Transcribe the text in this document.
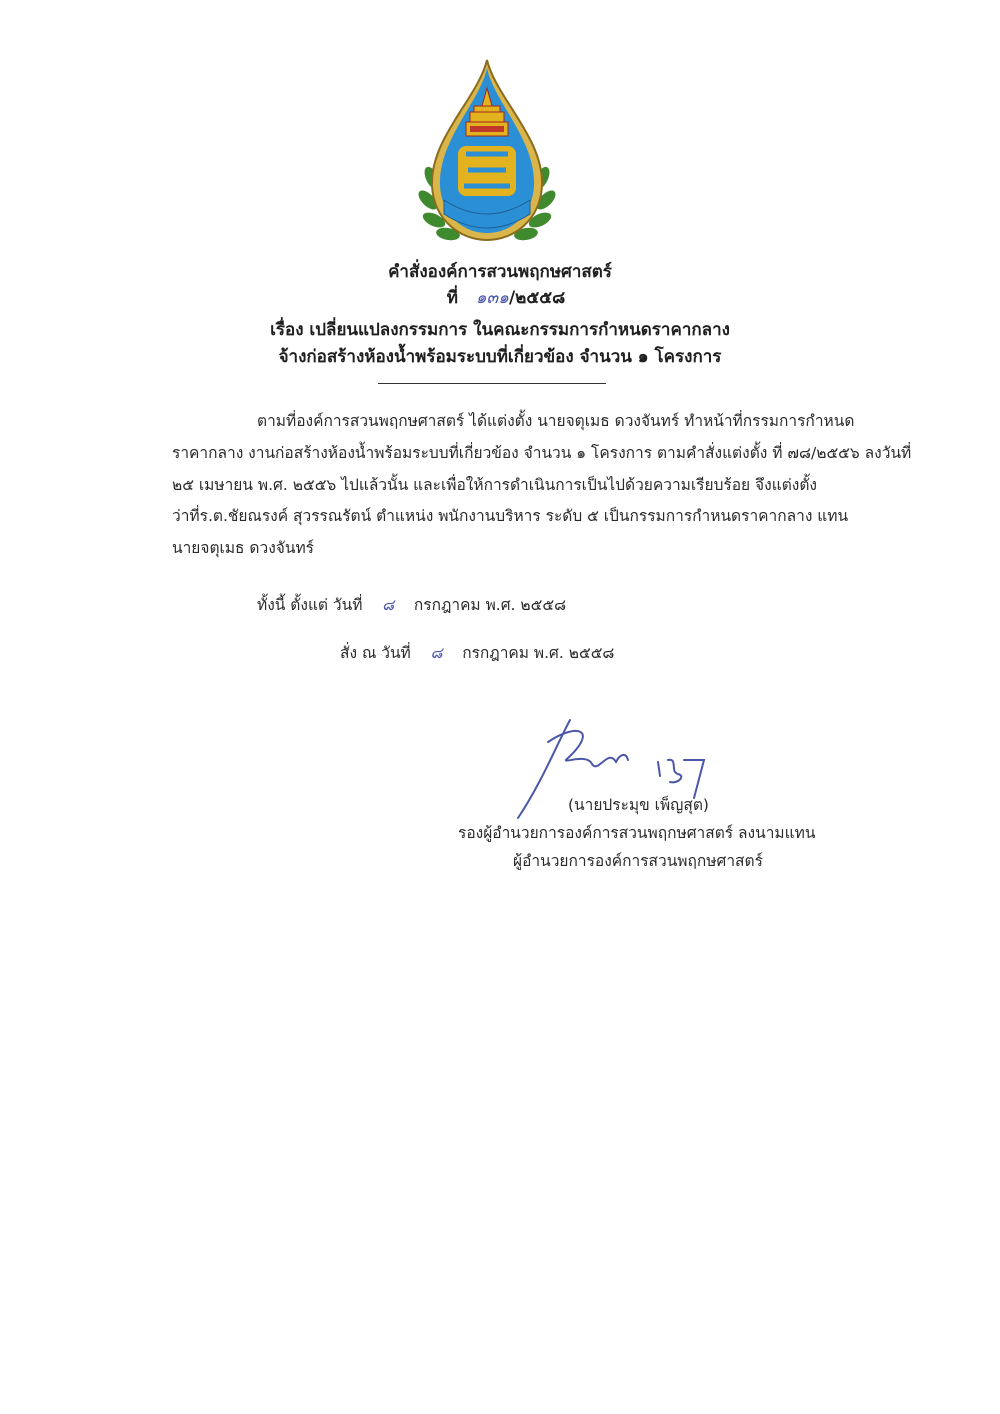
คำสั่งองค์การสวนพฤกษศาสตร์
ที่ ๑๓๑/๒๕๕๘
เรื่อง เปลี่ยนแปลงกรรมการ ในคณะกรรมการกำหนดราคากลาง
จ้างก่อสร้างห้องน้ำพร้อมระบบที่เกี่ยวข้อง จำนวน ๑ โครงการ
ตามที่องค์การสวนพฤกษศาสตร์ ได้แต่งตั้ง นายจตุเมธ ดวงจันทร์ ทำหน้าที่กรรมการกำหนด
ราคากลาง งานก่อสร้างห้องน้ำพร้อมระบบที่เกี่ยวข้อง จำนวน ๑ โครงการ ตามคำสั่งแต่งตั้ง ที่ ๗๘/๒๕๕๖ ลงวันที่
๒๕ เมษายน พ.ศ. ๒๕๕๖ ไปแล้วนั้น และเพื่อให้การดำเนินการเป็นไปด้วยความเรียบร้อย จึงแต่งตั้ง
ว่าที่ร.ต.ชัยณรงค์ สุวรรณรัตน์ ตำแหน่ง พนักงานบริหาร ระดับ ๕ เป็นกรรมการกำหนดราคากลาง แทน
นายจตุเมธ ดวงจันทร์
ทั้งนี้ ตั้งแต่ วันที่ ๘ กรกฎาคม พ.ศ. ๒๕๕๘
สั่ง ณ วันที่ ๘ กรกฎาคม พ.ศ. ๒๕๕๘
(นายประมุข เพ็ญสุต)
รองผู้อำนวยการองค์การสวนพฤกษศาสตร์ ลงนามแทน
ผู้อำนวยการองค์การสวนพฤกษศาสตร์
